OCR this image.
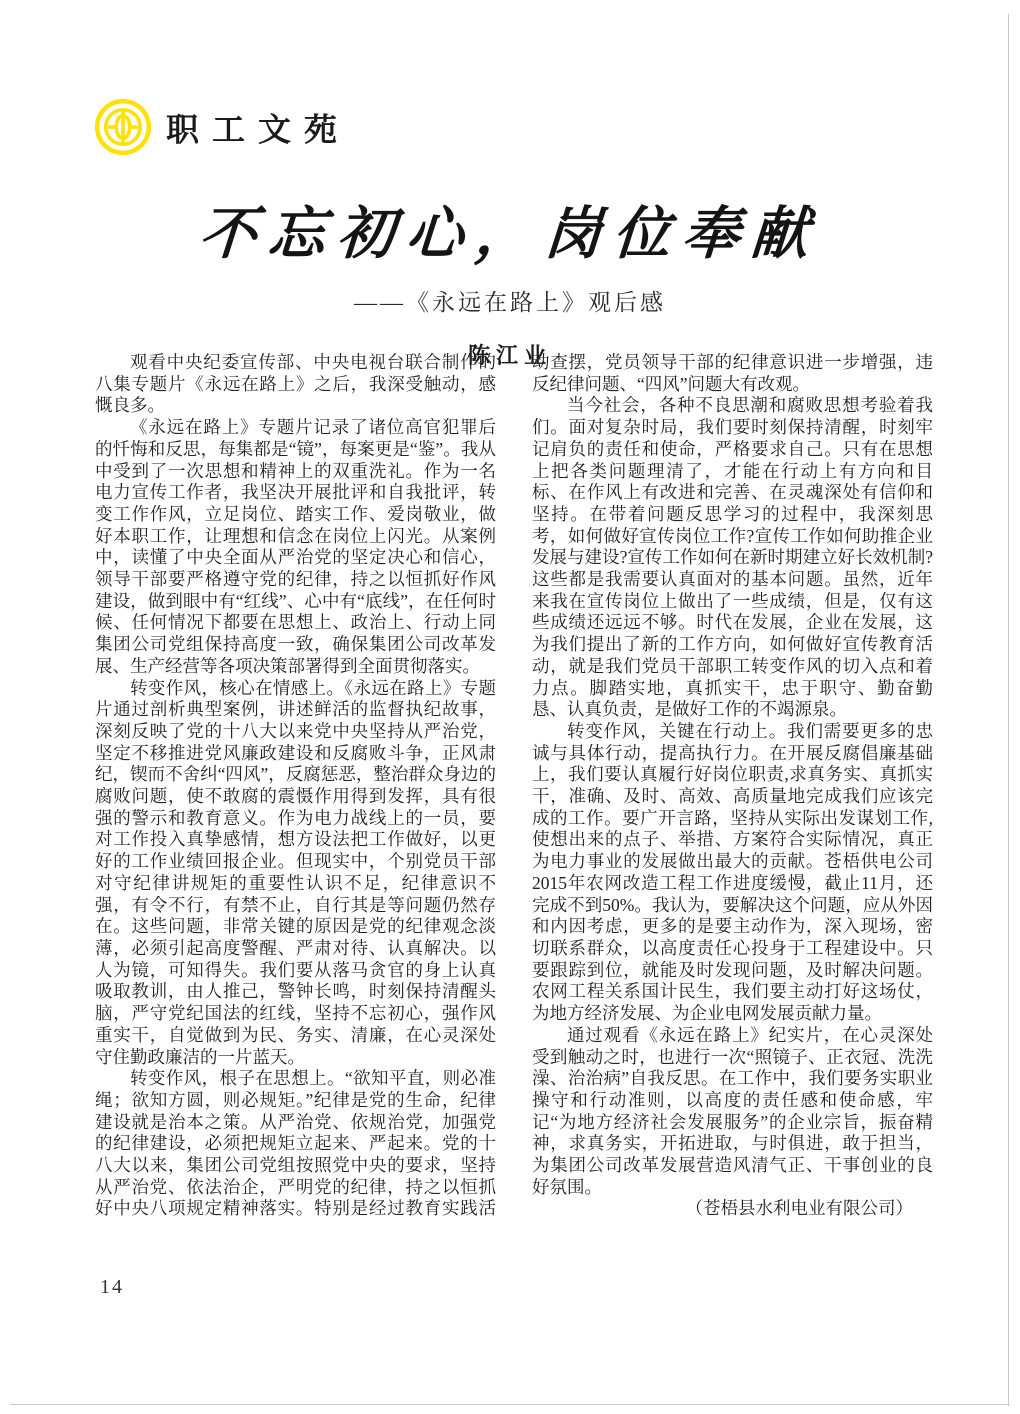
职工文苑
不忘初心，岗位奉献
——《永远在路上》观后感
陈江业

观看中央纪委宣传部、中央电视台联合制作的八集专题片《永远在路上》之后，我深受触动，感慨良多。

《永远在路上》专题片记录了诸位高官犯罪后的忏悔和反思，每集都是“镜”，每案更是“鉴”。我从中受到了一次思想和精神上的双重洗礼。作为一名电力宣传工作者，我坚决开展批评和自我批评，转变工作作风，立足岗位、踏实工作、爱岗敬业，做好本职工作，让理想和信念在岗位上闪光。从案例中，读懂了中央全面从严治党的坚定决心和信心，领导干部要严格遵守党的纪律，持之以恒抓好作风建设，做到眼中有“红线”、心中有“底线”，在任何时候、任何情况下都要在思想上、政治上、行动上同集团公司党组保持高度一致，确保集团公司改革发展、生产经营等各项决策部署得到全面贯彻落实。

转变作风，核心在情感上。《永远在路上》专题片通过剖析典型案例，讲述鲜活的监督执纪故事，深刻反映了党的十八大以来党中央坚持从严治党，坚定不移推进党风廉政建设和反腐败斗争，正风肃纪，锲而不舍纠“四风”，反腐惩恶，整治群众身边的腐败问题，使不敢腐的震慑作用得到发挥，具有很强的警示和教育意义。作为电力战线上的一员，要对工作投入真挚感情，想方设法把工作做好，以更好的工作业绩回报企业。但现实中，个别党员干部对守纪律讲规矩的重要性认识不足，纪律意识不强，有令不行，有禁不止，自行其是等问题仍然存在。这些问题，非常关键的原因是党的纪律观念淡薄，必须引起高度警醒、严肃对待、认真解决。以人为镜，可知得失。我们要从落马贪官的身上认真吸取教训，由人推己，警钟长鸣，时刻保持清醒头脑，严守党纪国法的红线，坚持不忘初心，强作风重实干，自觉做到为民、务实、清廉，在心灵深处守住勤政廉洁的一片蓝天。

转变作风，根子在思想上。“欲知平直，则必准绳；欲知方圆，则必规矩。”纪律是党的生命，纪律建设就是治本之策。从严治党、依规治党，加强党的纪律建设，必须把规矩立起来、严起来。党的十八大以来，集团公司党组按照党中央的要求，坚持从严治党、依法治企，严明党的纪律，持之以恒抓好中央八项规定精神落实。特别是经过教育实践活动查摆，党员领导干部的纪律意识进一步增强，违反纪律问题、“四风”问题大有改观。

当今社会，各种不良思潮和腐败思想考验着我们。面对复杂时局，我们要时刻保持清醒，时刻牢记肩负的责任和使命，严格要求自己。只有在思想上把各类问题理清了，才能在行动上有方向和目标、在作风上有改进和完善、在灵魂深处有信仰和坚持。在带着问题反思学习的过程中，我深刻思考，如何做好宣传岗位工作?宣传工作如何助推企业发展与建设?宣传工作如何在新时期建立好长效机制?这些都是我需要认真面对的基本问题。虽然，近年来我在宣传岗位上做出了一些成绩，但是，仅有这些成绩还远远不够。时代在发展，企业在发展，这为我们提出了新的工作方向，如何做好宣传教育活动，就是我们党员干部职工转变作风的切入点和着力点。脚踏实地，真抓实干，忠于职守、勤奋勤恳、认真负责，是做好工作的不竭源泉。

转变作风，关键在行动上。我们需要更多的忠诚与具体行动，提高执行力。在开展反腐倡廉基础上，我们要认真履行好岗位职责,求真务实、真抓实干，准确、及时、高效、高质量地完成我们应该完成的工作。要广开言路，坚持从实际出发谋划工作,使想出来的点子、举措、方案符合实际情况，真正为电力事业的发展做出最大的贡献。苍梧供电公司2015年农网改造工程工作进度缓慢，截止11月，还完成不到50%。我认为，要解决这个问题，应从外因和内因考虑，更多的是要主动作为，深入现场，密切联系群众，以高度责任心投身于工程建设中。只要跟踪到位，就能及时发现问题，及时解决问题。农网工程关系国计民生，我们要主动打好这场仗，为地方经济发展、为企业电网发展贡献力量。

通过观看《永远在路上》纪实片，在心灵深处受到触动之时，也进行一次“照镜子、正衣冠、洗洗澡、治治病”自我反思。在工作中，我们要务实职业操守和行动准则，以高度的责任感和使命感，牢记“为地方经济社会发展服务”的企业宗旨，振奋精神，求真务实，开拓进取，与时俱进，敢于担当，为集团公司改革发展营造风清气正、干事创业的良好氛围。

（苍梧县水利电业有限公司）

14
